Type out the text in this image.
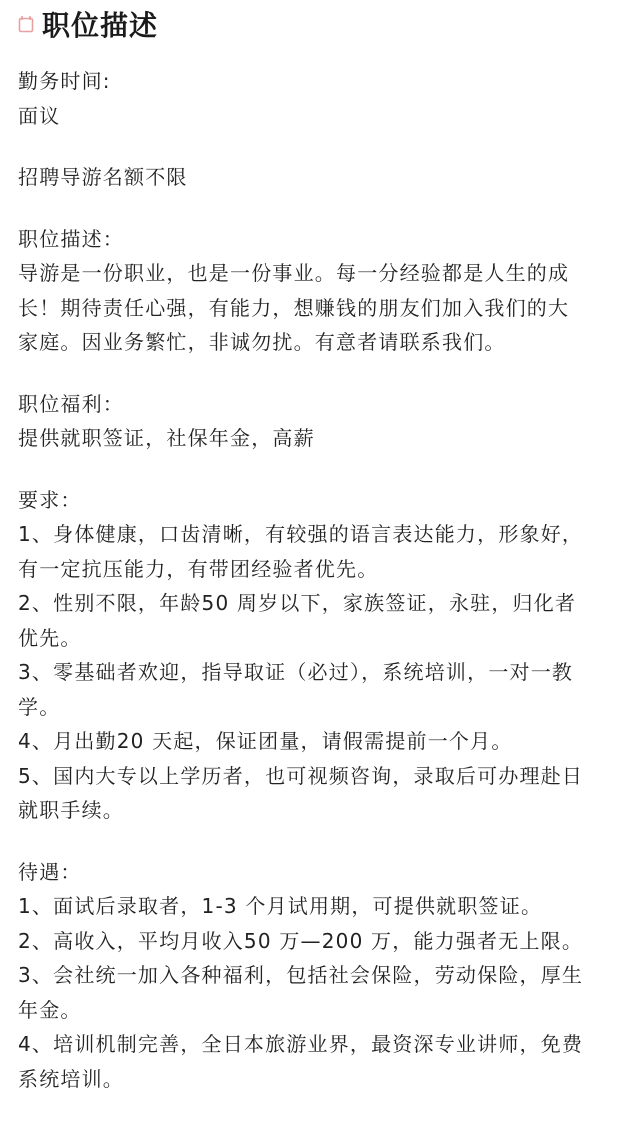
职位描述

勤务时间:

面议

招聘导游名额不限

职位描述：

导游是一份职业，也是一份事业。每一分经验都是人生的成

长！期待责任心强，有能力，想赚钱的朋友们加入我们的大

家庭。因业务繁忙，非诚勿扰。有意者请联系我们。

职位福利：

提供就职签证，社保年金，高薪

要求：

1、身体健康，口齿清晰，有较强的语言表达能力，形象好，

有一定抗压能力，有带团经验者优先。

2、性别不限，年龄50 周岁以下，家族签证，永驻，归化者

优先。

3、零基础者欢迎，指导取证（必过），系统培训，一对一教

学。

4、月出勤20 天起，保证团量，请假需提前一个月。

5、国内大专以上学历者，也可视频咨询，录取后可办理赴日

就职手续。

待遇：

1、面试后录取者，1-3 个月试用期，可提供就职签证。

2、高收入，平均月收入50 万—200 万，能力强者无上限。

3、会社统一加入各种福利，包括社会保险，劳动保险，厚生

年金。

4、培训机制完善，全日本旅游业界，最资深专业讲师，免费

系统培训。
